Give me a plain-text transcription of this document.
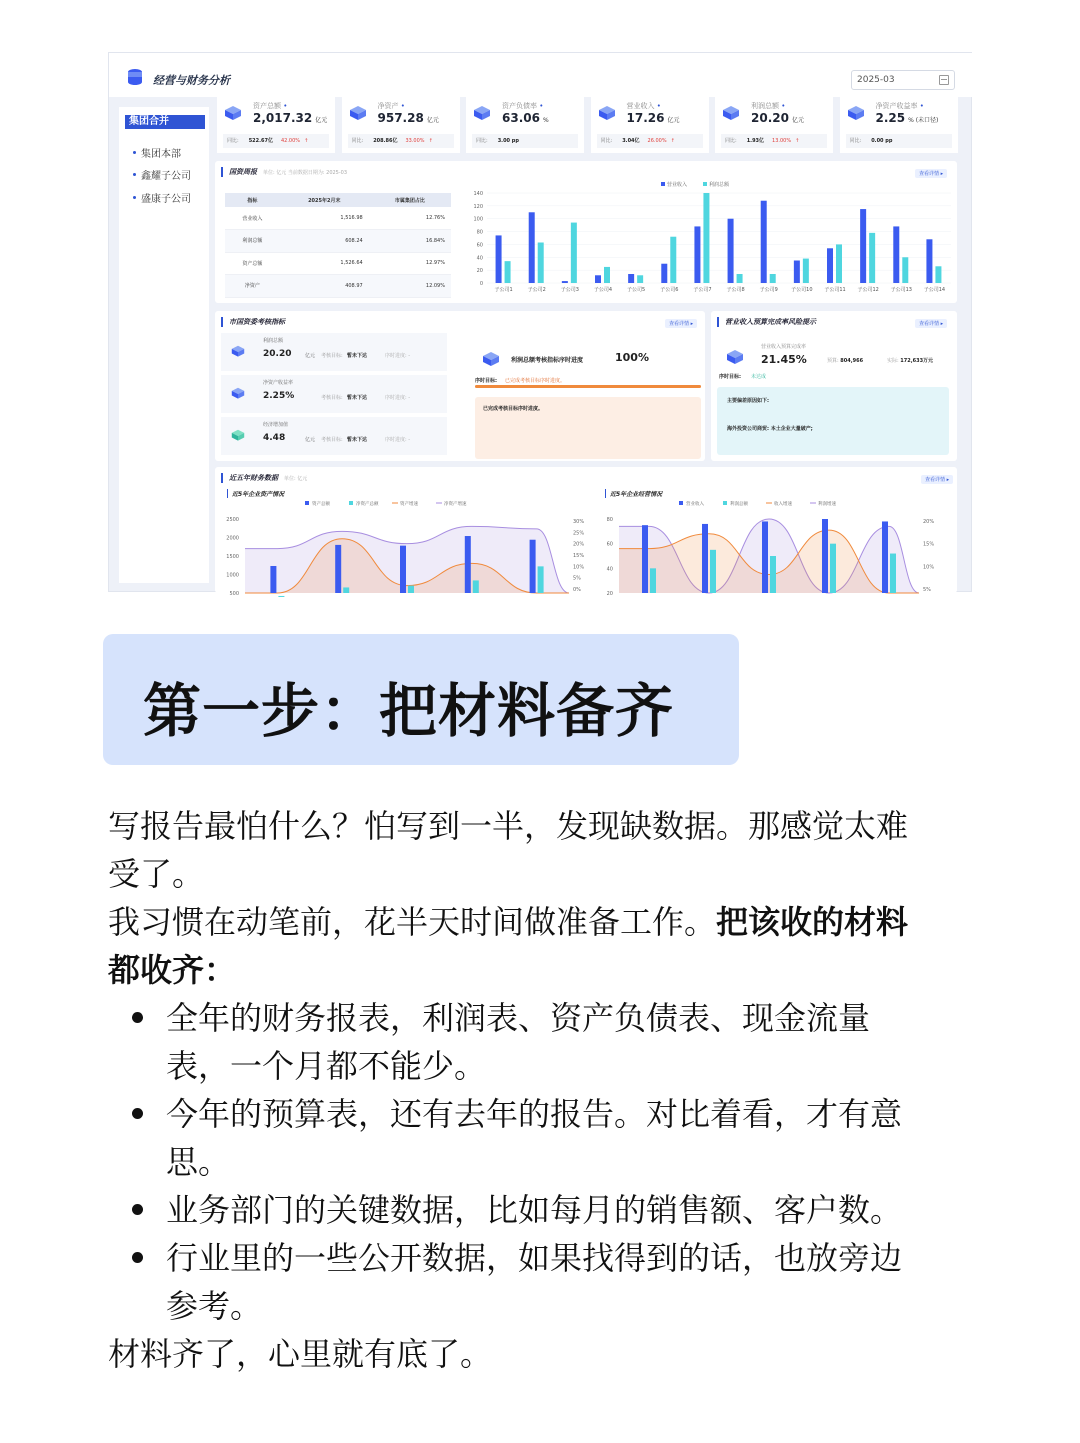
经营与财务分析	2025-03
集团合并
集团本部
鑫耀子公司
盛康子公司
国资周报 单位: 亿元 当前数据日期为: 2025-03	查看详情 ▸
指标	2025年2月末	市属集团占比
营业收入	1,516.98	12.76%
利润总额	608.24	16.84%
资产总额	1,526.64	12.97%
净资产	408.97	12.09%
营业收入	利润总额
0
20
40
60
80
100
120
140
子公司1	子公司2	子公司3	子公司4	子公司5	子公司6	子公司7	子公司8	子公司9	子公司10 子公司11 子公司12 子公司13 子公司14
市国资委考核指标	查看详情 ▸
利润总额
20.20	亿元 考核目标: 暂未下达	序时进度: -
净资产收益率
2.25%	考核目标: 暂未下达	序时进度: -
经济增加值
4.48	亿元 考核目标: 暂未下达	序时进度: -
利润总额考核指标序时进度	100%
序时目标: 已完成考核目标序时进度。
已完成考核目标序时进度。
营业收入预算完成率风险提示	查看详情 ▸
营业收入预算完成率
21.45%	预算: 804,966	实际: 172,633万元
序时目标: 未达成
主要偏差原因如下:
海外投资公司商贸: 本土企业大量破产;
近五年财务数据 单位: 亿元	查看详情 ▸
近5年企业资产情况	近5年企业经营情况
资产总额	净资产总额	资产增速	净资产增速
500
1000
1500
2000
2500
0%
5%
10%
15%
20%
25%
30%
营业收入	利润总额	收入增速	利润增速
20
40
60
80
5%
10%
15%
20%
资产总额 •
2,017.32 亿元
同比: 522.67亿 42.00% ↑
净资产 •
957.28 亿元
同比: 208.86亿 33.00% ↑
资产负债率 •
63.06 %
同比: 3.00 pp
营业收入 •
17.26 亿元
同比: 3.04亿 26.00% ↑
利润总额 •
20.20 亿元
同比: 1.93亿 13.00% ↑
净资产收益率 •
2.25 % (未口径)
同比: 0.00 pp
第一步：把材料备齐
写报告最怕什么？怕写到一半，发现缺数据。那感觉太难
受了。
我习惯在动笔前，花半天时间做准备工作。把该收的材料
都收齐：
全年的财务报表，利润表、资产负债表、现金流量
表，一个月都不能少。
今年的预算表，还有去年的报告。对比着看，才有意
思。
业务部门的关键数据，比如每月的销售额、客户数。
行业里的一些公开数据，如果找得到的话，也放旁边
参考。
材料齐了，心里就有底了。
